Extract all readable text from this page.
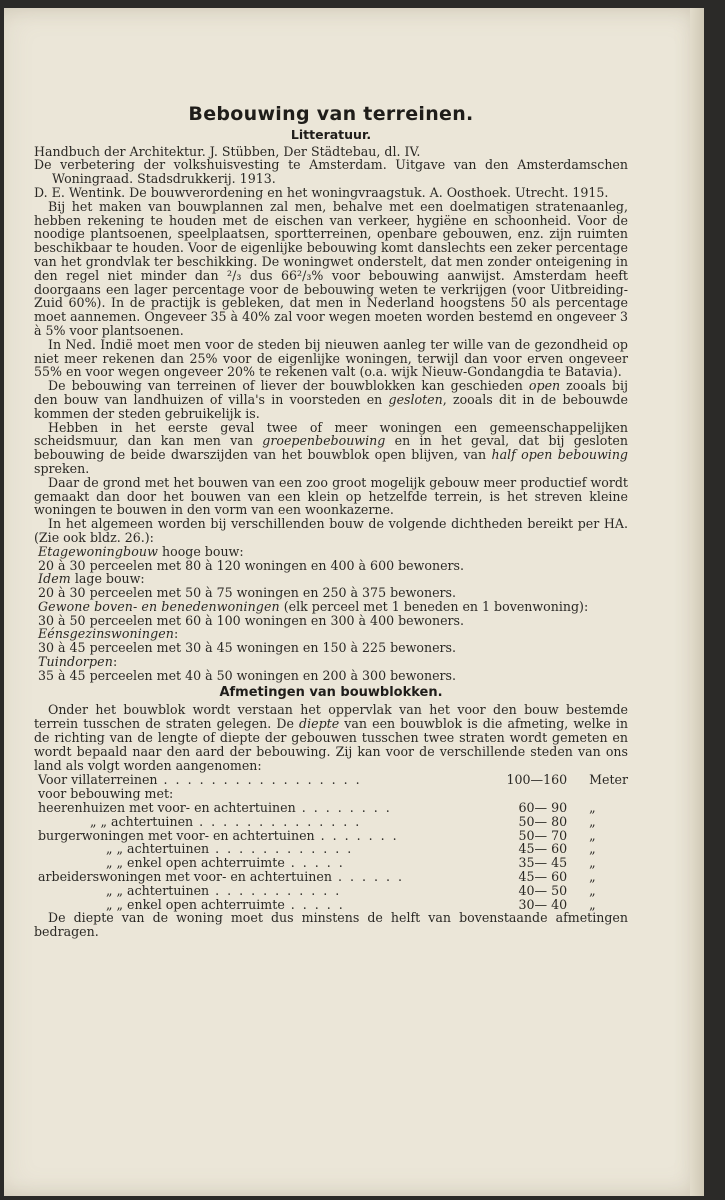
Bebouwing van terreinen.
Litteratuur.

Handbuch der Architektur. J. Stübben, Der Städtebau, dl. IV.

De verbetering der volkshuisvesting te Amsterdam. Uitgave van den Amsterdamschen Woningraad. Stadsdrukkerij. 1913.

D. E. Wentink. De bouwverordening en het woningvraagstuk. A. Oosthoek. Utrecht. 1915.

Bij het maken van bouwplannen zal men, behalve met een doelmatigen stratenaanleg, hebben rekening te houden met de eischen van verkeer, hygiëne en schoonheid. Voor de noodige plantsoenen, speelplaatsen, sportterreinen, openbare gebouwen, enz. zijn ruimten beschikbaar te houden. Voor de eigenlijke bebouwing komt danslechts een zeker percentage van het grondvlak ter beschikking. De woningwet onderstelt, dat men zonder onteigening in den regel niet minder dan ²/₃ dus 66²/₃% voor bebouwing aanwijst. Amsterdam heeft doorgaans een lager percentage voor de bebouwing weten te verkrijgen (voor Uitbreiding-Zuid 60%). In de practijk is gebleken, dat men in Nederland hoogstens 50 als percentage moet aannemen. Ongeveer 35 à 40% zal voor wegen moeten worden bestemd en ongeveer 3 à 5% voor plantsoenen.

In Ned. Indië moet men voor de steden bij nieuwen aanleg ter wille van de gezondheid op niet meer rekenen dan 25% voor de eigenlijke woningen, terwijl dan voor erven ongeveer 55% en voor wegen ongeveer 20% te rekenen valt (o.a. wijk Nieuw-Gondangdia te Batavia).

De bebouwing van terreinen of liever der bouwblokken kan geschieden open zooals bij den bouw van landhuizen of villa's in voorsteden en gesloten, zooals dit in de bebouwde kommen der steden gebruikelijk is.

Hebben in het eerste geval twee of meer woningen een gemeenschappelijken scheidsmuur, dan kan men van groepenbebouwing en in het geval, dat bij gesloten bebouwing de beide dwarszijden van het bouwblok open blijven, van half open bebouwing spreken.

Daar de grond met het bouwen van een zoo groot mogelijk gebouw meer productief wordt gemaakt dan door het bouwen van een klein op hetzelfde terrein, is het streven kleine woningen te bouwen in den vorm van een woonkazerne.

In het algemeen worden bij verschillenden bouw de volgende dichtheden bereikt per HA. (Zie ook bldz. 26.):

Etagewoningbouw hooge bouw:

20 à 30 perceelen met 80 à 120 woningen en 400 à 600 bewoners.

Idem lage bouw:

20 à 30 perceelen met 50 à 75 woningen en 250 à 375 bewoners.

Gewone boven- en benedenwoningen (elk perceel met 1 beneden en 1 bovenwoning):

30 à 50 perceelen met 60 à 100 woningen en 300 à 400 bewoners.

Eénsgezinswoningen:

30 à 45 perceelen met 30 à 45 woningen en 150 à 225 bewoners.

Tuindorpen:

35 à 45 perceelen met 40 à 50 woningen en 200 à 300 bewoners.

Afmetingen van bouwblokken.

Onder het bouwblok wordt verstaan het oppervlak van het voor den bouw bestemde terrein tusschen de straten gelegen. De diepte van een bouwblok is die afmeting, welke in de richting van de lengte of diepte der gebouwen tusschen twee straten wordt gemeten en wordt bepaald naar den aard der bebouwing. Zij kan voor de verschillende steden van ons land als volgt worden aangenomen:

Voor villaterreinen . . . . . . . . . . . . . . . . .	100—160	Meter
voor bebouwing met:		
heerenhuizen met voor- en achtertuinen . . . . . . . .	60— 90	„
„ „ achtertuinen . . . . . . . . . . . . . .	50— 80	„
burgerwoningen met voor- en achtertuinen . . . . . . .	50— 70	„
„ „ achtertuinen . . . . . . . . . . . .	45— 60	„
„ „ enkel open achterruimte . . . . .	35— 45	„
arbeiderswoningen met voor- en achtertuinen . . . . . .	45— 60	„
„ „ achtertuinen . . . . . . . . . . .	40— 50	„
„ „ enkel open achterruimte . . . . .	30— 40	„

De diepte van de woning moet dus minstens de helft van bovenstaande afmetingen bedragen.
